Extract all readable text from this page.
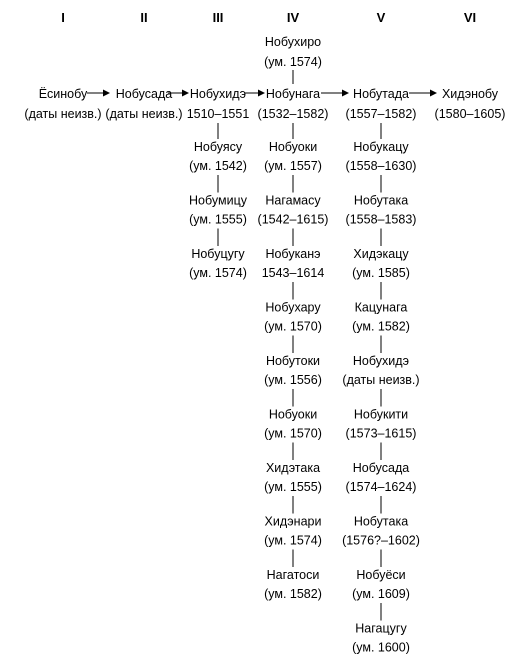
I	II	III	IV	V	VI
Ёсинобу
(даты неизв.)
Нобусада
(даты неизв.)
Нобухидэ
1510–1551
Нобунага
(1532–1582)
Нобутада
(1557–1582)
Хидэнобу
(1580–1605)
Нобухиро
(ум. 1574)
Нобуясу
(ум. 1542)
Нобумицу
(ум. 1555)
Нобуцугу
(ум. 1574)
Нобуоки
(ум. 1557)
Нагамасу
(1542–1615)
Нобуканэ
1543–1614
Нобухару
(ум. 1570)
Нобутоки
(ум. 1556)
Нобуоки
(ум. 1570)
Хидэтака
(ум. 1555)
Хидэнари
(ум. 1574)
Нагатоси
(ум. 1582)
Нобукацу
(1558–1630)
Нобутака
(1558–1583)
Хидэкацу
(ум. 1585)
Кацунага
(ум. 1582)
Нобухидэ
(даты неизв.)
Нобукити
(1573–1615)
Нобусада
(1574–1624)
Нобутака
(1576?–1602)
Нобуёси
(ум. 1609)
Нагацугу
(ум. 1600)
